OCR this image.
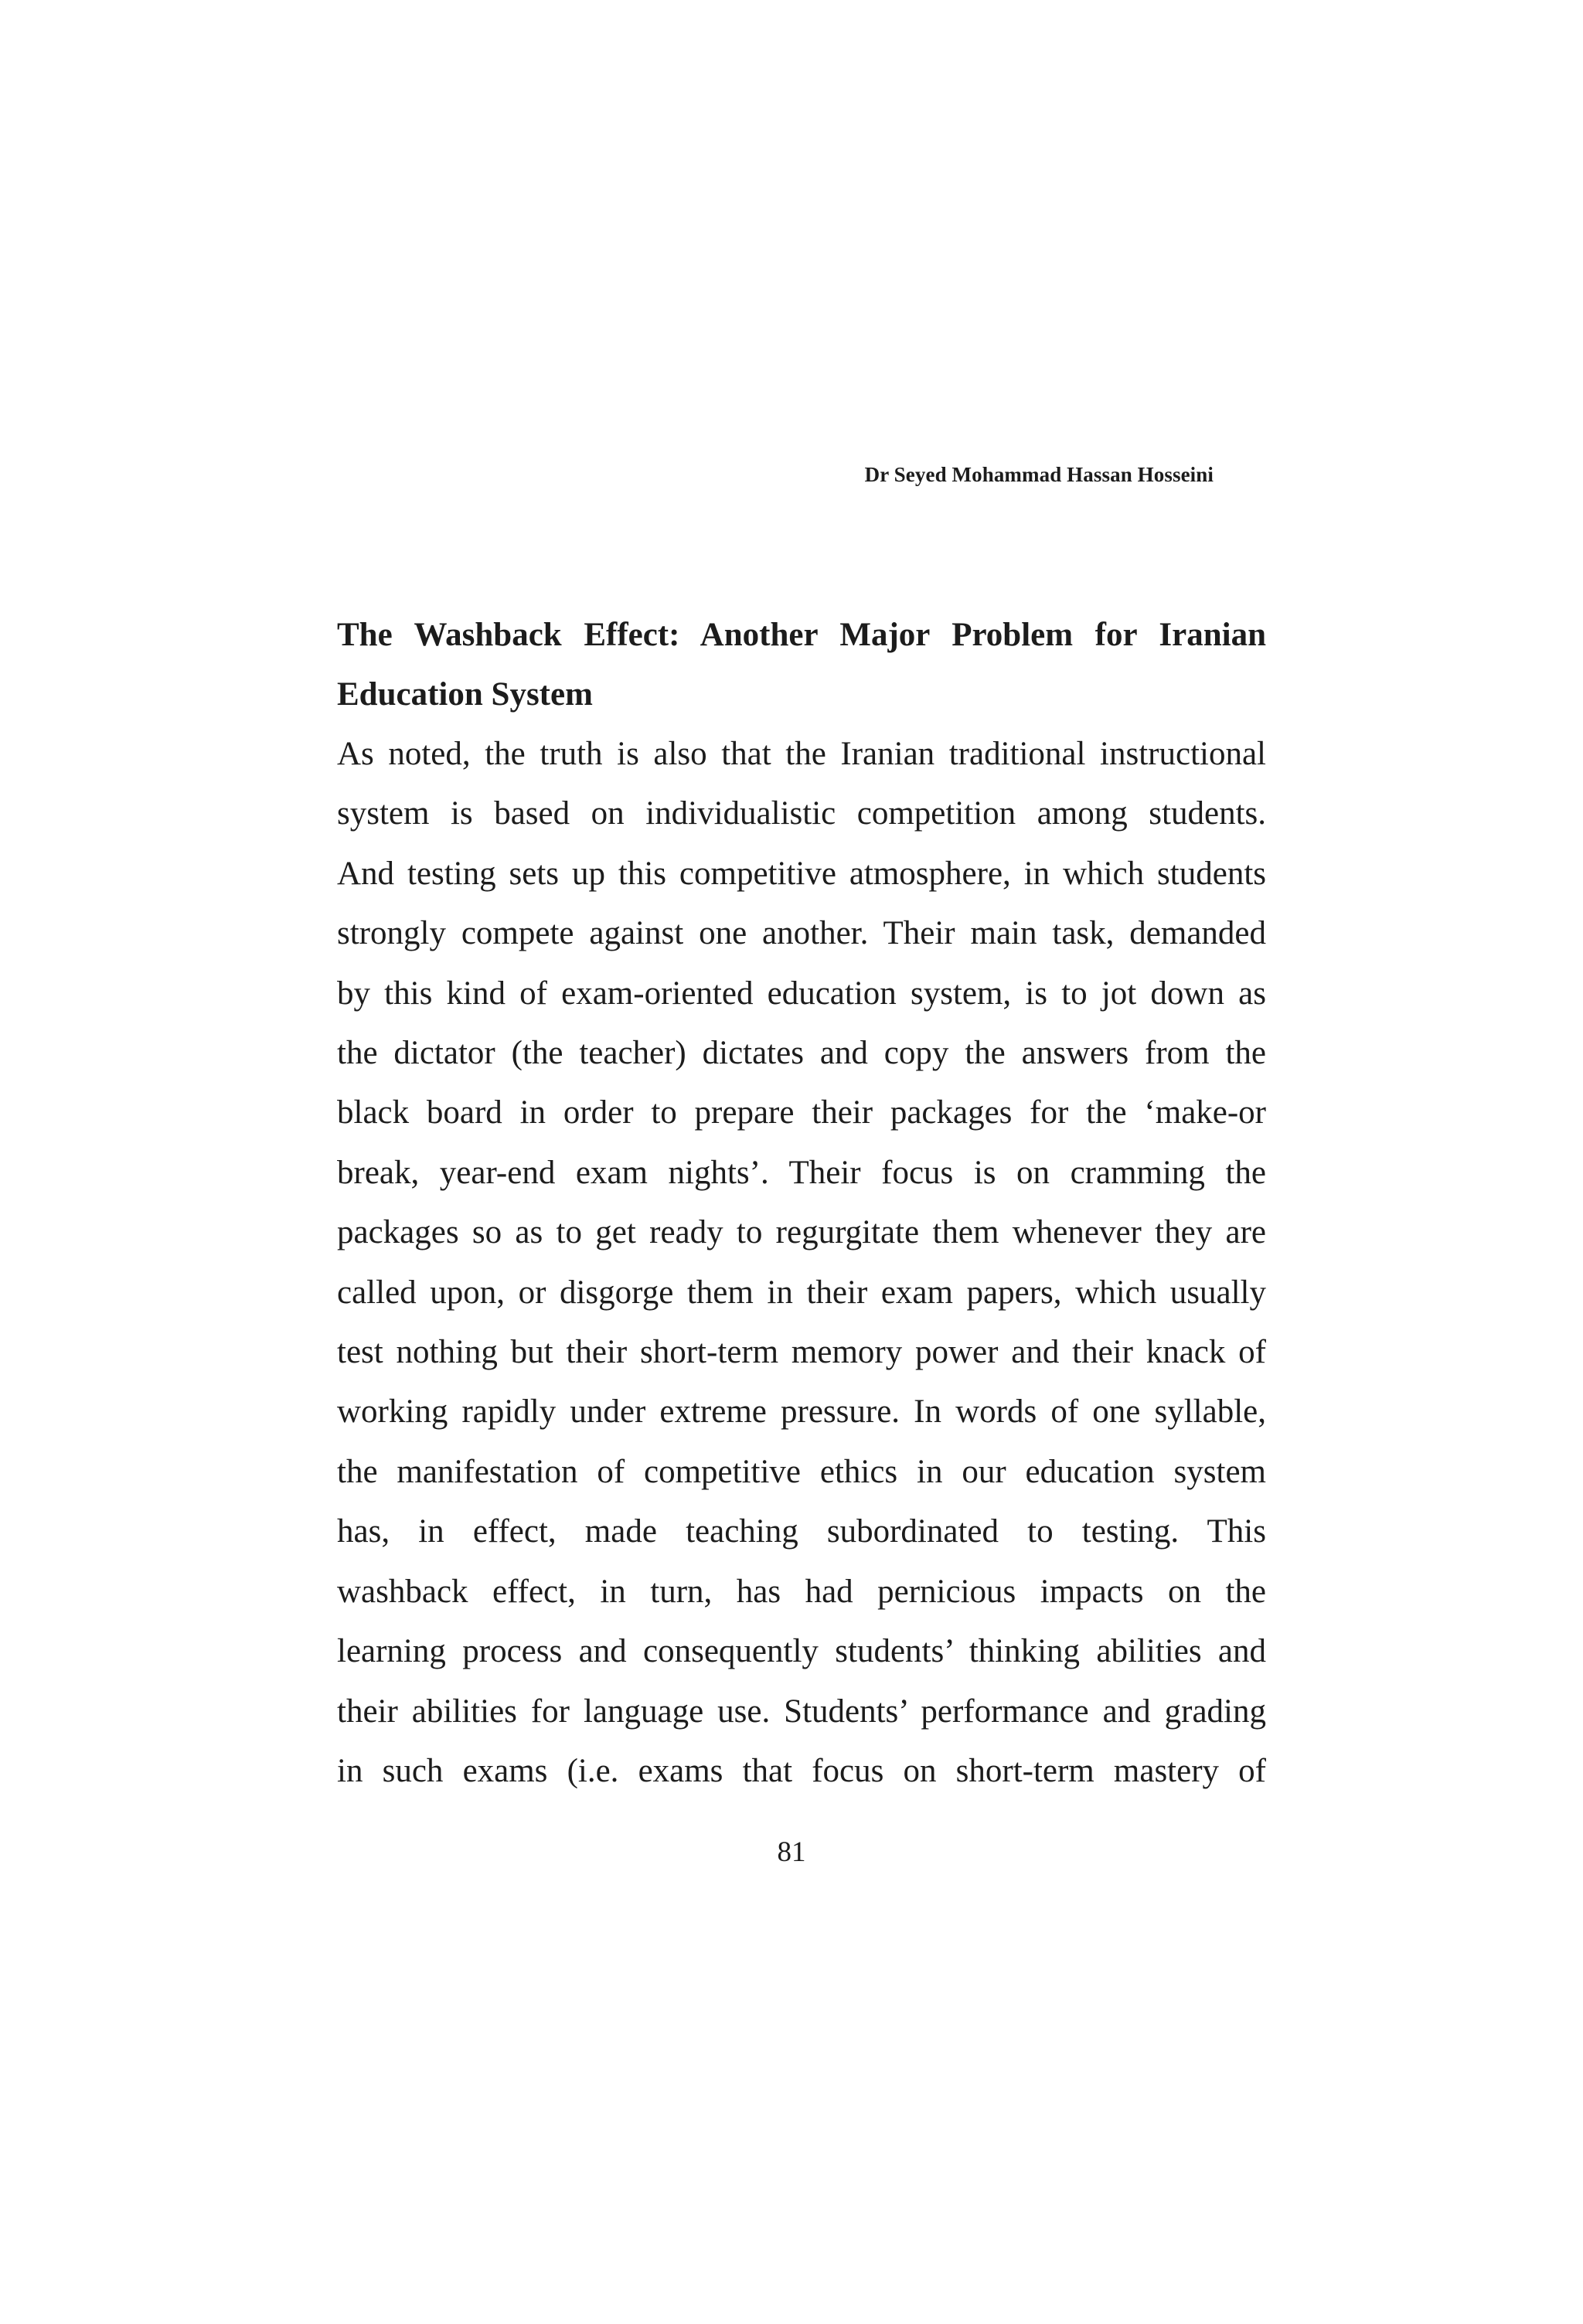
Dr Seyed Mohammad Hassan Hosseini
The Washback Effect: Another Major Problem for Iranian
Education System

As noted, the truth is also that the Iranian traditional instructional
system is based on individualistic competition among students.
And testing sets up this competitive atmosphere, in which students
strongly compete against one another. Their main task, demanded
by this kind of exam-oriented education system, is to jot down as
the dictator (the teacher) dictates and copy the answers from the
black board in order to prepare their packages for the ‘make-or
break, year-end exam nights’. Their focus is on cramming the
packages so as to get ready to regurgitate them whenever they are
called upon, or disgorge them in their exam papers, which usually
test nothing but their short-term memory power and their knack of
working rapidly under extreme pressure. In words of one syllable,
the manifestation of competitive ethics in our education system
has, in effect, made teaching subordinated to testing. This
washback effect, in turn, has had pernicious impacts on the
learning process and consequently students’ thinking abilities and
their abilities for language use. Students’ performance and grading
in such exams (i.e. exams that focus on short-term mastery of

81
